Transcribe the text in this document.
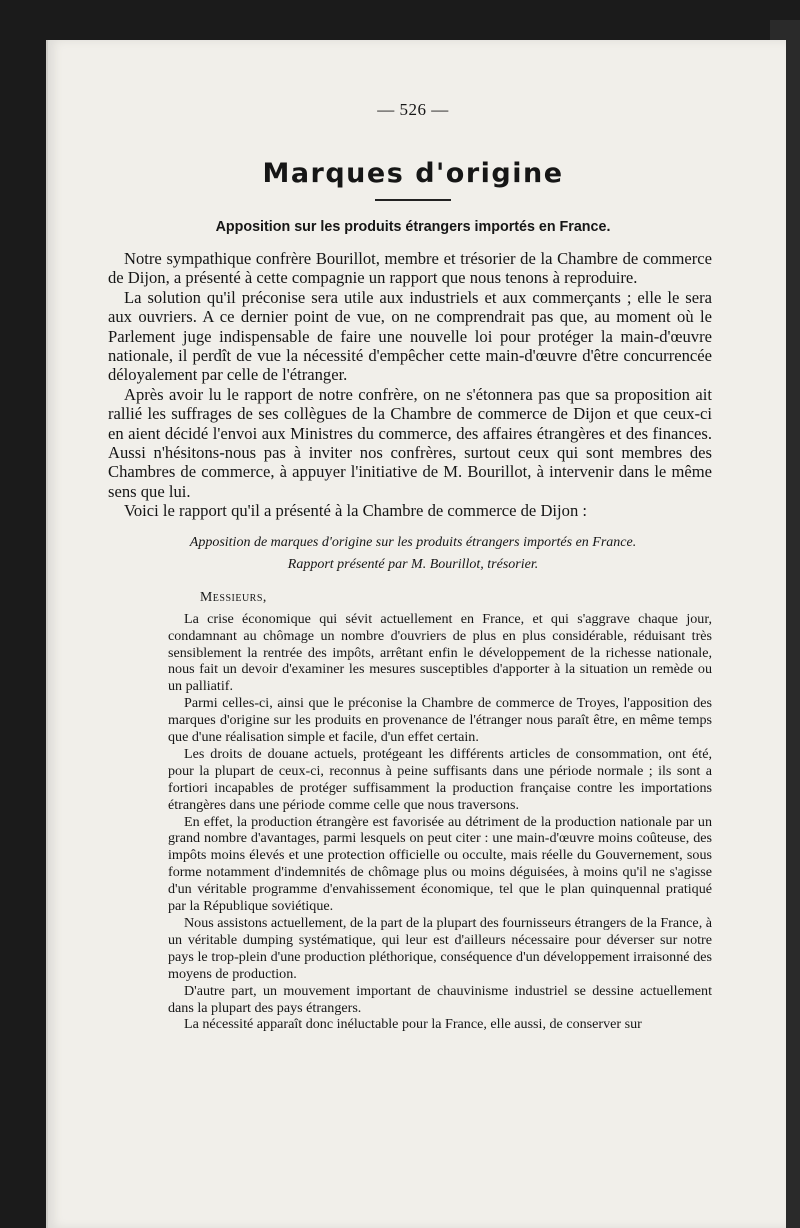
— 526 —
Marques d'origine
Apposition sur les produits étrangers importés en France.

Notre sympathique confrère Bourillot, membre et trésorier de la Chambre de commerce de Dijon, a présenté à cette compagnie un rapport que nous tenons à reproduire.

La solution qu'il préconise sera utile aux industriels et aux commerçants ; elle le sera aux ouvriers. A ce dernier point de vue, on ne comprendrait pas que, au moment où le Parlement juge indispensable de faire une nouvelle loi pour protéger la main-d'œuvre nationale, il perdît de vue la nécessité d'empêcher cette main-d'œuvre d'être concurrencée déloyalement par celle de l'étranger.

Après avoir lu le rapport de notre confrère, on ne s'étonnera pas que sa proposition ait rallié les suffrages de ses collègues de la Chambre de commerce de Dijon et que ceux-ci en aient décidé l'envoi aux Ministres du commerce, des affaires étrangères et des finances. Aussi n'hésitons-nous pas à inviter nos confrères, surtout ceux qui sont membres des Chambres de commerce, à appuyer l'initiative de M. Bourillot, à intervenir dans le même sens que lui.

Voici le rapport qu'il a présenté à la Chambre de commerce de Dijon :

Apposition de marques d'origine sur les produits étrangers importés en France.
Rapport présenté par M. Bourillot, trésorier.
Messieurs,

La crise économique qui sévit actuellement en France, et qui s'aggrave chaque jour, condamnant au chômage un nombre d'ouvriers de plus en plus considérable, réduisant très sensiblement la rentrée des impôts, arrêtant enfin le développement de la richesse nationale, nous fait un devoir d'examiner les mesures susceptibles d'apporter à la situation un remède ou un palliatif.

Parmi celles-ci, ainsi que le préconise la Chambre de commerce de Troyes, l'apposition des marques d'origine sur les produits en provenance de l'étranger nous paraît être, en même temps que d'une réalisation simple et facile, d'un effet certain.

Les droits de douane actuels, protégeant les différents articles de consommation, ont été, pour la plupart de ceux-ci, reconnus à peine suffisants dans une période normale ; ils sont a fortiori incapables de protéger suffisamment la production française contre les importations étrangères dans une période comme celle que nous traversons.

En effet, la production étrangère est favorisée au détriment de la production nationale par un grand nombre d'avantages, parmi lesquels on peut citer : une main-d'œuvre moins coûteuse, des impôts moins élevés et une protection officielle ou occulte, mais réelle du Gouvernement, sous forme notamment d'indemnités de chômage plus ou moins déguisées, à moins qu'il ne s'agisse d'un véritable programme d'envahissement économique, tel que le plan quinquennal pratiqué par la République soviétique.

Nous assistons actuellement, de la part de la plupart des fournisseurs étrangers de la France, à un véritable dumping systématique, qui leur est d'ailleurs nécessaire pour déverser sur notre pays le trop-plein d'une production pléthorique, conséquence d'un développement irraisonné des moyens de production.

D'autre part, un mouvement important de chauvinisme industriel se dessine actuellement dans la plupart des pays étrangers.

La nécessité apparaît donc inéluctable pour la France, elle aussi, de conserver sur
